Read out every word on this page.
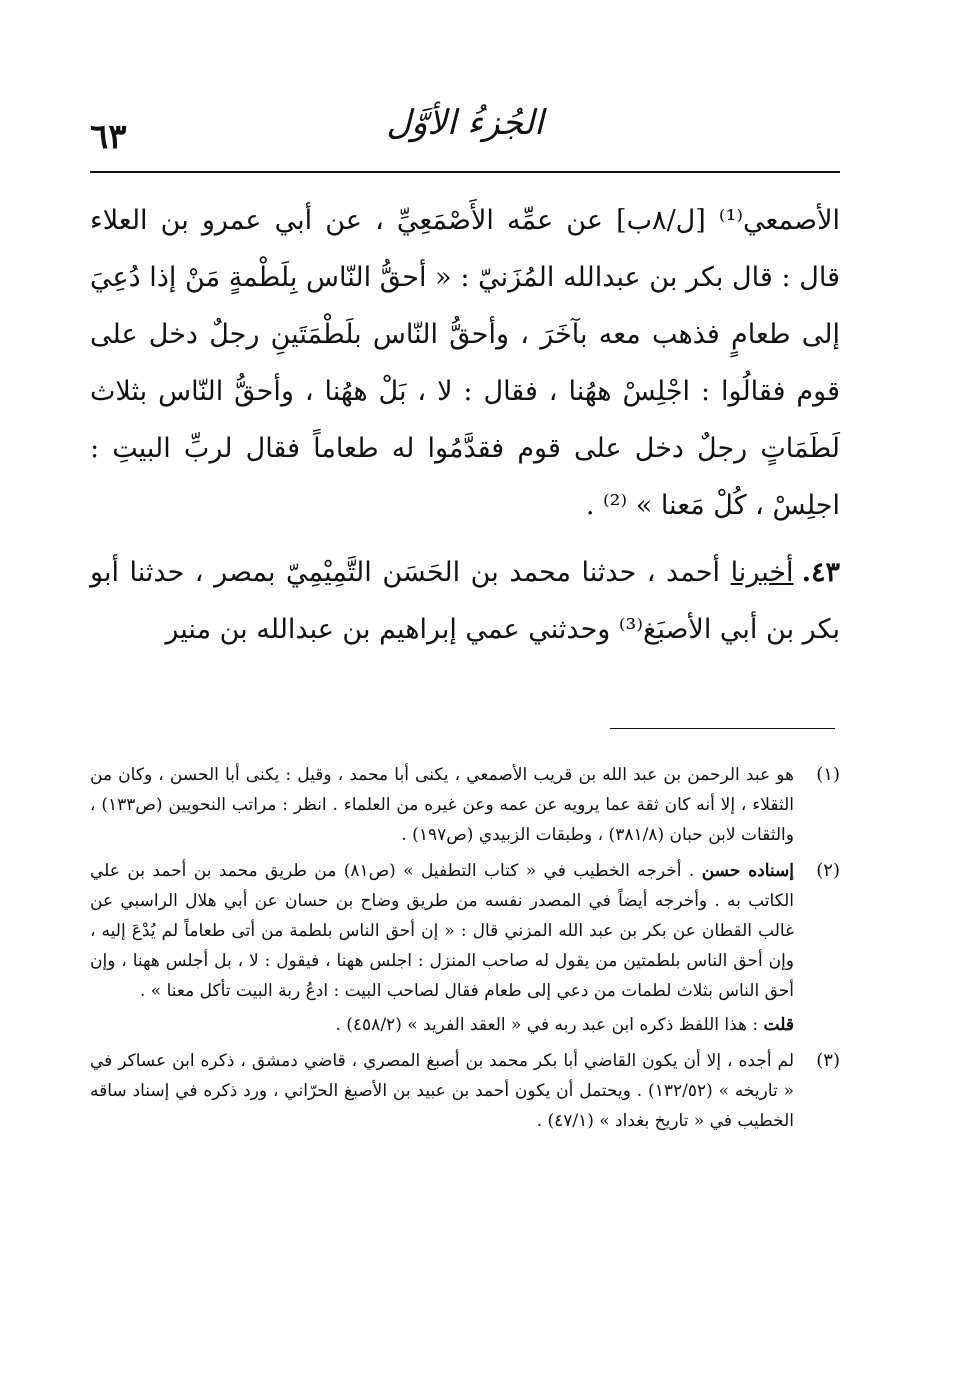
٦٣	الجُزءُ الأوَّل

الأصمعي⁽¹⁾ [ل/٨ب] عن عمِّه الأَصْمَعِيِّ ، عن أبي عمرو بن العلاء قال : قال بكر بن عبدالله المُزَنيّ : « أحقُّ النّاس بِلَطْمةٍ مَنْ إذا دُعِيَ إلى طعامٍ فذهب معه بآخَرَ ، وأحقُّ النّاس بلَطْمَتَينِ رجلٌ دخل على قوم فقالُوا : اجْلِسْ ههُنا ، فقال : لا ، بَلْ ههُنا ، وأحقُّ النّاس بثلاث لَطَمَاتٍ رجلٌ دخل على قوم فقدَّمُوا له طعاماً فقال لربِّ البيتِ : اجلِسْ ، كُلْ مَعنا » ⁽²⁾ .

٤٣.أخبرنا أحمد ، حدثنا محمد بن الحَسَن التَّمِيْمِيّ بمصر ، حدثنا أبو بكر بن أبي الأصبَغ⁽³⁾ وحدثني عمي إبراهيم بن عبدالله بن منير

(١)

هو عبد الرحمن بن عبد الله بن قريب الأصمعي ، يكنى أبا محمد ، وقيل : يكنى أبا الحسن ، وكان من الثقلاء ، إلا أنه كان ثقة عما يرويه عن عمه وعن غيره من العلماء . انظر : مراتب النحويين (ص١٣٣) ، والثقات لابن حبان (٣٨١/٨) ، وطبقات الزبيدي (ص١٩٧) .

(٢)

إسناده حسن . أخرجه الخطيب في « كتاب التطفيل » (ص٨١) من طريق محمد بن أحمد بن علي الكاتب به . وأخرجه أيضاً في المصدر نفسه من طريق وضاح بن حسان عن أبي هلال الراسبي عن غالب القطان عن بكر بن عبد الله المزني قال : « إن أحق الناس بلطمة من أتى طعاماً لم يُدْعَ إليه ، وإن أحق الناس بلطمتين من يقول له صاحب المنزل : اجلس ههنا ، فيقول : لا ، بل أجلس ههنا ، وإن أحق الناس بثلاث لطمات من دعي إلى طعام فقال لصاحب البيت : ادعُ ربة البيت تأكل معنا » .

قلت : هذا اللفظ ذكره ابن عبد ربه في « العقد الفريد » (٤٥٨/٢) .

(٣)

لم أجده ، إلا أن يكون القاضي أبا بكر محمد بن أصبغ المصري ، قاضي دمشق ، ذكره ابن عساكر في « تاريخه » (١٣٢/٥٢) . ويحتمل أن يكون أحمد بن عبيد بن الأصبغ الحرّاني ، ورد ذكره في إسناد ساقه الخطيب في « تاريخ بغداد » (٤٧/١) .
